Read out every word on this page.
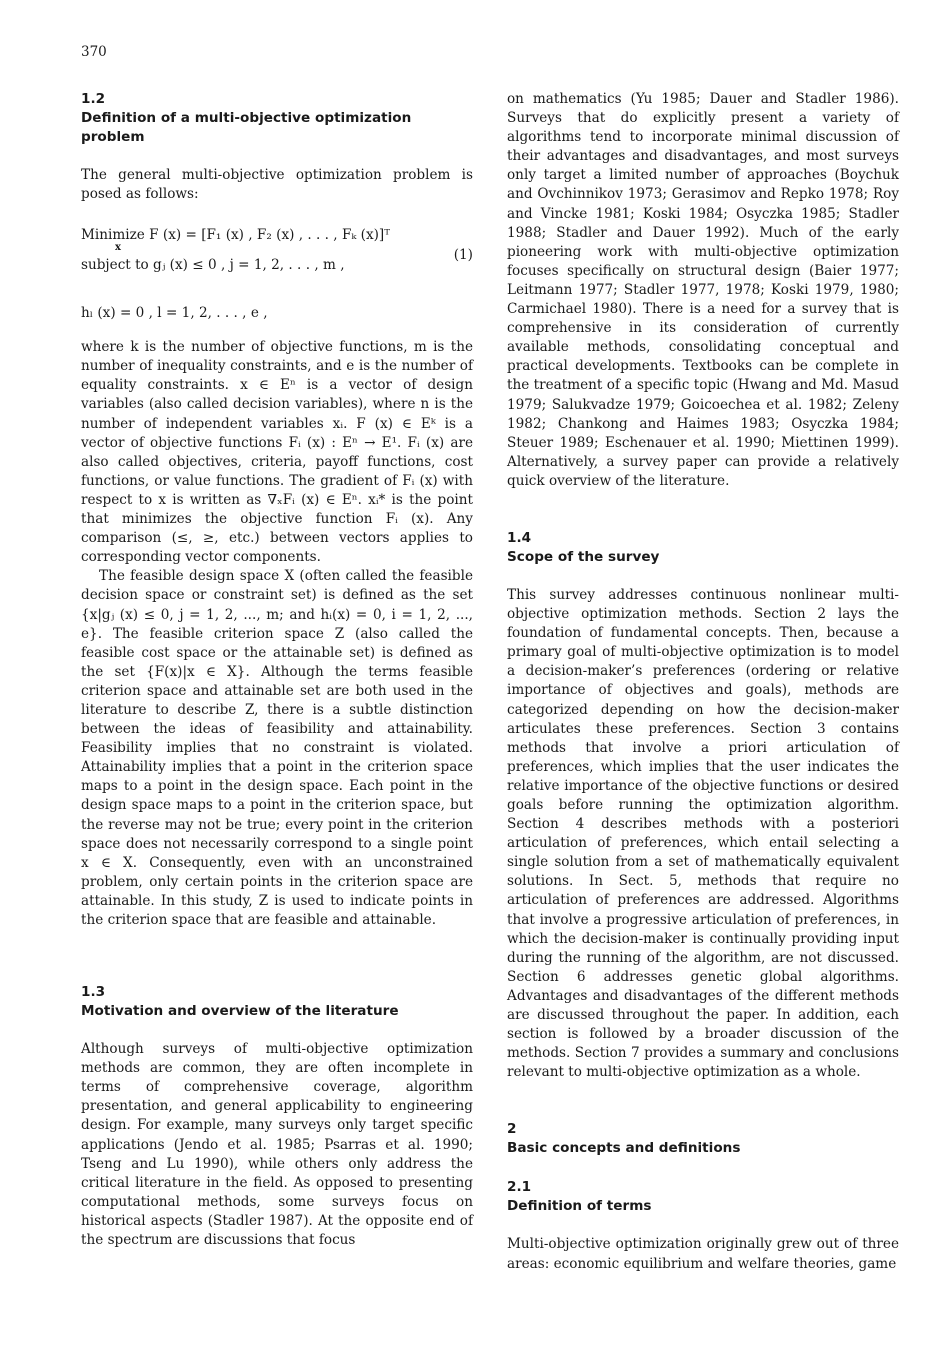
370
1.2
Definition of a multi-objective optimization problem

The general multi-objective optimization problem is posed as follows:

Minimize F (x) = [F₁ (x) , F₂ (x) , . . . , Fₖ (x)]ᵀ
x	(1)
subject to gⱼ (x) ≤ 0 , j = 1, 2, . . . , m ,
hₗ (x) = 0 , l = 1, 2, . . . , e ,

where k is the number of objective functions, m is the number of inequality constraints, and e is the number of equality constraints. x ∈ Eⁿ is a vector of design variables (also called decision variables), where n is the number of independent variables xᵢ. F (x) ∈ Eᵏ is a vector of objective functions Fᵢ (x) : Eⁿ → E¹. Fᵢ (x) are also called objectives, criteria, payoff functions, cost functions, or value functions. The gradient of Fᵢ (x) with respect to x is written as ∇ₓFᵢ (x) ∈ Eⁿ. xᵢ* is the point that minimizes the objective function Fᵢ (x). Any comparison (≤, ≥, etc.) between vectors applies to corresponding vector components.

The feasible design space X (often called the feasible decision space or constraint set) is defined as the set {x|gⱼ (x) ≤ 0, j = 1, 2, ..., m; and hᵢ(x) = 0, i = 1, 2, ..., e}. The feasible criterion space Z (also called the feasible cost space or the attainable set) is defined as the set {F(x)|x ∈ X}. Although the terms feasible criterion space and attainable set are both used in the literature to describe Z, there is a subtle distinction between the ideas of feasibility and attainability. Feasibility implies that no constraint is violated. Attainability implies that a point in the criterion space maps to a point in the design space. Each point in the design space maps to a point in the criterion space, but the reverse may not be true; every point in the criterion space does not necessarily correspond to a single point x ∈ X. Consequently, even with an unconstrained problem, only certain points in the criterion space are attainable. In this study, Z is used to indicate points in the criterion space that are feasible and attainable.

1.3
Motivation and overview of the literature

Although surveys of multi-objective optimization methods are common, they are often incomplete in terms of comprehensive coverage, algorithm presentation, and general applicability to engineering design. For example, many surveys only target specific applications (Jendo et al. 1985; Psarras et al. 1990; Tseng and Lu 1990), while others only address the critical literature in the field. As opposed to presenting computational methods, some surveys focus on historical aspects (Stadler 1987). At the opposite end of the spectrum are discussions that focus

on mathematics (Yu 1985; Dauer and Stadler 1986). Surveys that do explicitly present a variety of algorithms tend to incorporate minimal discussion of their advantages and disadvantages, and most surveys only target a limited number of approaches (Boychuk and Ovchinnikov 1973; Gerasimov and Repko 1978; Roy and Vincke 1981; Koski 1984; Osyczka 1985; Stadler 1988; Stadler and Dauer 1992). Much of the early pioneering work with multi-objective optimization focuses specifically on structural design (Baier 1977; Leitmann 1977; Stadler 1977, 1978; Koski 1979, 1980; Carmichael 1980). There is a need for a survey that is comprehensive in its consideration of currently available methods, consolidating conceptual and practical developments. Textbooks can be complete in the treatment of a specific topic (Hwang and Md. Masud 1979; Salukvadze 1979; Goicoechea et al. 1982; Zeleny 1982; Chankong and Haimes 1983; Osyczka 1984; Steuer 1989; Eschenauer et al. 1990; Miettinen 1999). Alternatively, a survey paper can provide a relatively quick overview of the literature.

1.4
Scope of the survey

This survey addresses continuous nonlinear multi-objective optimization methods. Section 2 lays the foundation of fundamental concepts. Then, because a primary goal of multi-objective optimization is to model a decision-maker’s preferences (ordering or relative importance of objectives and goals), methods are categorized depending on how the decision-maker articulates these preferences. Section 3 contains methods that involve a priori articulation of preferences, which implies that the user indicates the relative importance of the objective functions or desired goals before running the optimization algorithm. Section 4 describes methods with a posteriori articulation of preferences, which entail selecting a single solution from a set of mathematically equivalent solutions. In Sect. 5, methods that require no articulation of preferences are addressed. Algorithms that involve a progressive articulation of preferences, in which the decision-maker is continually providing input during the running of the algorithm, are not discussed. Section 6 addresses genetic global algorithms. Advantages and disadvantages of the different methods are discussed throughout the paper. In addition, each section is followed by a broader discussion of the methods. Section 7 provides a summary and conclusions relevant to multi-objective optimization as a whole.

2
Basic concepts and definitions
2.1
Definition of terms

Multi-objective optimization originally grew out of three areas: economic equilibrium and welfare theories, game
